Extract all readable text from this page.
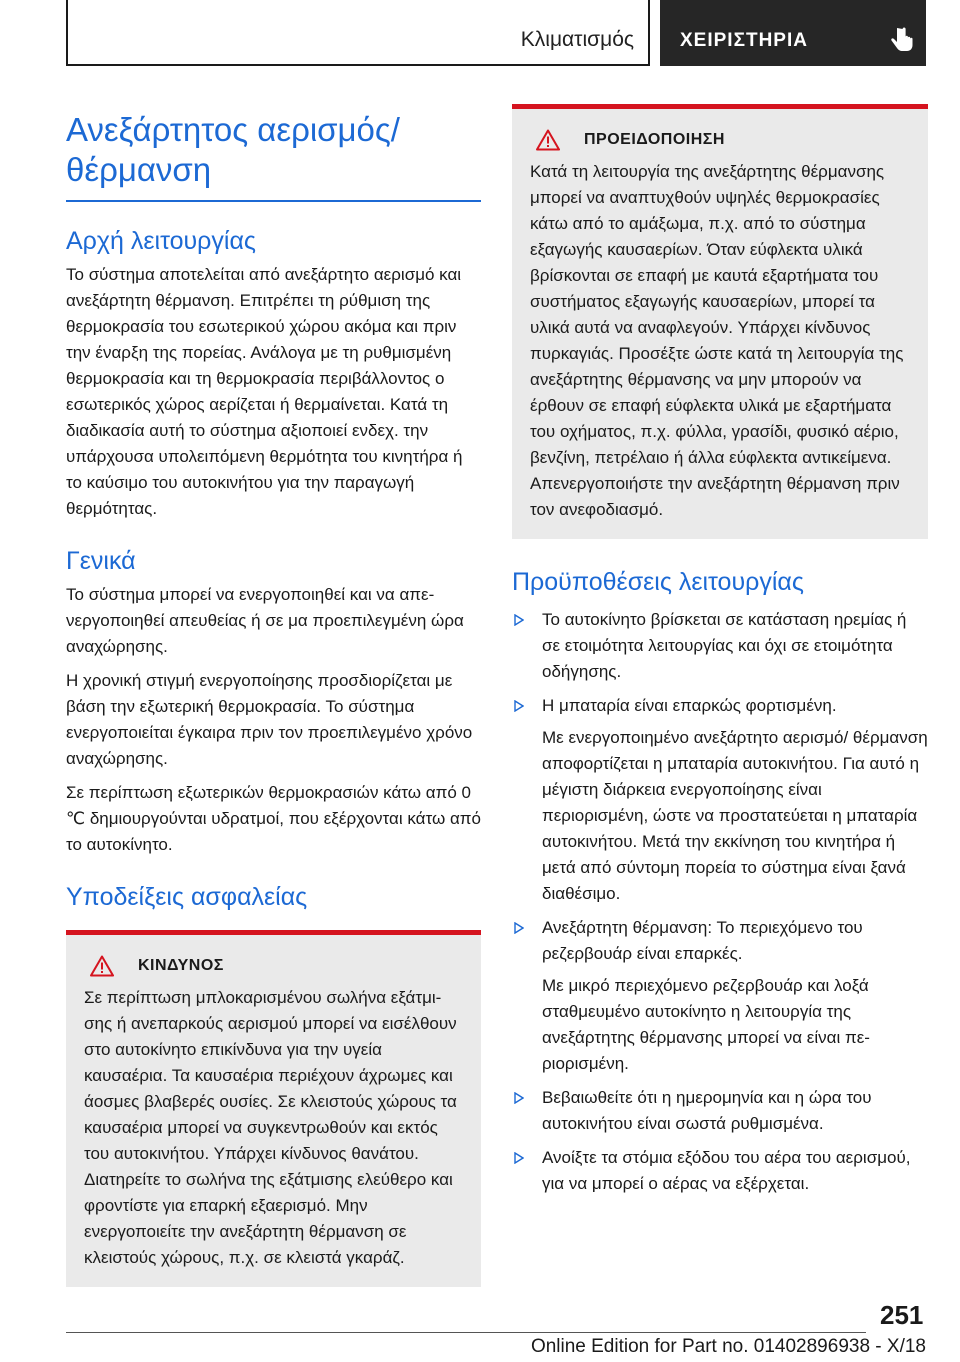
Κλιματισμός ΧΕΙΡΙΣΤΗΡΙΑ
Ανεξάρτητος αερισμός/ θέρμανση
Αρχή λειτουργίας

Το σύστημα αποτελείται από ανεξάρτητο αερισμό και ανεξάρτητη θέρμανση. Επιτρέπει τη ρύθμιση της θερμοκρασία του εσωτερικού χώρου ακόμα και πριν την έναρξη της πορείας. Ανάλογα με τη ρυθμισμένη θερμοκρασία και τη θερμοκρασία περιβάλλοντος ο εσωτερικός χώρος αερίζεται ή θερμαίνεται. Κατά τη διαδικασία αυτή το σύστημα αξιοποιεί ενδεχ. την υπάρχουσα υπολειπόμενη θερμότητα του κινητήρα ή το καύσιμο του αυτοκινήτου για την παραγωγή θερμότητας.

Γενικά

Το σύστημα μπορεί να ενεργοποιηθεί και να απενεργοποιηθεί απευθείας ή σε μα προεπιλεγμένη ώρα αναχώρησης.

Η χρονική στιγμή ενεργοποίησης προσδιορίζεται με βάση την εξωτερική θερμοκρασία. Το σύστημα ενεργοποιείται έγκαιρα πριν τον προεπιλεγμένο χρόνο αναχώρησης.

Σε περίπτωση εξωτερικών θερμοκρασιών κάτω από 0 ℃ δημιουργούνται υδρατμοί, που εξέρχονται κάτω από το αυτοκίνητο.

Υποδείξεις ασφαλείας
ΚΙΝΔΥΝΟΣ

Σε περίπτωση μπλοκαρισμένου σωλήνα εξάτμισης ή ανεπαρκούς αερισμού μπορεί να εισέλθουν στο αυτοκίνητο επικίνδυνα για την υγεία καυσαέρια. Τα καυσαέρια περιέχουν άχρωμες και άοσμες βλαβερές ουσίες. Σε κλειστούς χώρους τα καυσαέρια μπορεί να συγκεντρωθούν και εκτός του αυτοκινήτου. Υπάρχει κίνδυνος θανάτου. Διατηρείτε το σωλήνα της εξάτμισης ελεύθερο και φροντίστε για επαρκή εξαερισμό. Μην ενεργοποιείτε την ανεξάρτητη θέρμανση σε κλειστούς χώρους, π.χ. σε κλειστά γκαράζ.

ΠΡΟΕΙΔΟΠΟΙΗΣΗ

Κατά τη λειτουργία της ανεξάρτητης θέρμανσης μπορεί να αναπτυχθούν υψηλές θερμοκρασίες κάτω από το αμάξωμα, π.χ. από το σύστημα εξαγωγής καυσαερίων. Όταν εύφλεκτα υλικά βρίσκονται σε επαφή με καυτά εξαρτήματα του συστήματος εξαγωγής καυσαερίων, μπορεί τα υλικά αυτά να αναφλεγούν. Υπάρχει κίνδυνος πυρκαγιάς. Προσέξτε ώστε κατά τη λειτουργία της ανεξάρτητης θέρμανσης να μην μπορούν να έρθουν σε επαφή εύφλεκτα υλικά με εξαρτήματα του οχήματος, π.χ. φύλλα, γρασίδι, φυσικό αέριο, βενζίνη, πετρέλαιο ή άλλα εύφλεκτα αντικείμενα. Απενεργοποιήστε την ανεξάρτητη θέρμανση πριν τον ανεφοδιασμό.

Προϋποθέσεις λειτουργίας

Το αυτοκίνητο βρίσκεται σε κατάσταση ηρεμίας ή σε ετοιμότητα λειτουργίας και όχι σε ετοιμότητα οδήγησης.

Η μπαταρία είναι επαρκώς φορτισμένη.

Με ενεργοποιημένο ανεξάρτητο αερισμό/ θέρμανση αποφορτίζεται η μπαταρία αυτοκινήτου. Για αυτό η μέγιστη διάρκεια ενεργοποίησης είναι περιορισμένη, ώστε να προστατεύεται η μπαταρία αυτοκινήτου. Μετά την εκκίνηση του κινητήρα ή μετά από σύντομη πορεία το σύστημα είναι ξανά διαθέσιμο.

Ανεξάρτητη θέρμανση: Το περιεχόμενο του ρεζερβουάρ είναι επαρκές.

Με μικρό περιεχόμενο ρεζερβουάρ και λοξά σταθμευμένο αυτοκίνητο η λειτουργία της ανεξάρτητης θέρμανσης μπορεί να είναι περιορισμένη.

Βεβαιωθείτε ότι η ημερομηνία και η ώρα του αυτοκινήτου είναι σωστά ρυθμισμένα.

Ανοίξτε τα στόμια εξόδου του αέρα του αερισμού, για να μπορεί ο αέρας να εξέρχεται.

251
Online Edition for Part no. 01402896938 - X/18
